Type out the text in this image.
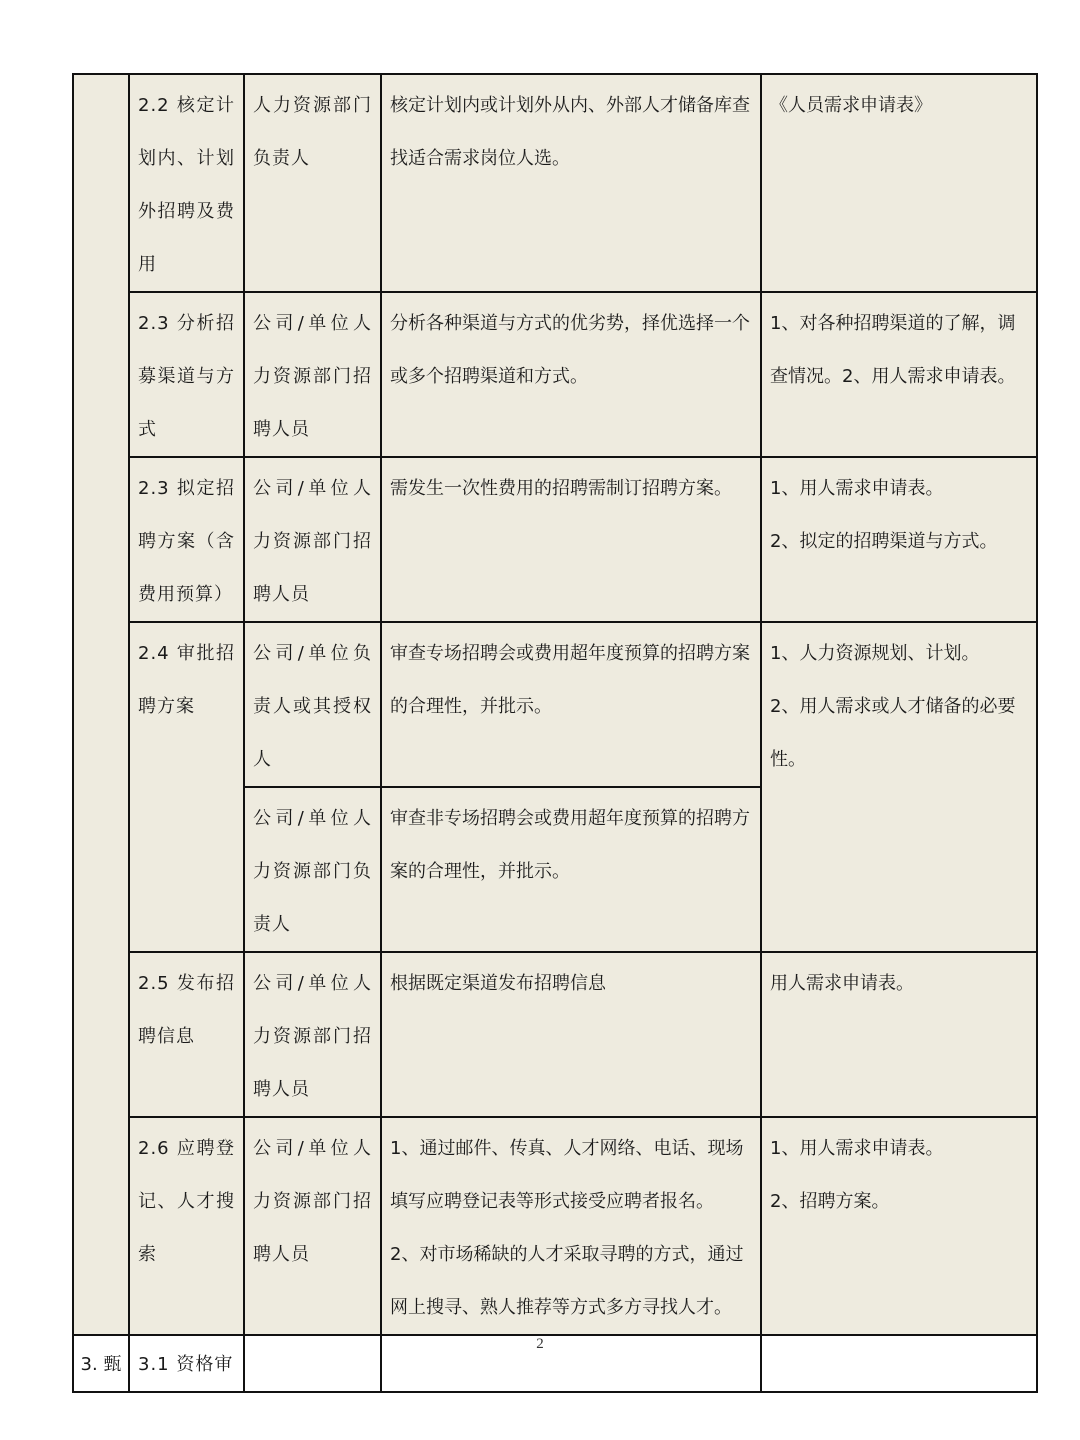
	2.2 核定计划内、计划外招聘及费用	人力资源部门负责人	核定计划内或计划外从内、外部人才储备库查找适合需求岗位人选。	《人员需求申请表》
	2.3 分析招募渠道与方式	公司/单位人力资源部门招聘人员	分析各种渠道与方式的优劣势，择优选择一个或多个招聘渠道和方式。	1、对各种招聘渠道的了解，调查情况。2、用人需求申请表。
	2.3 拟定招聘方案（含费用预算）	公司/单位人力资源部门招聘人员	需发生一次性费用的招聘需制订招聘方案。	1、用人需求申请表。
2、拟定的招聘渠道与方式。

	2.4 审批招聘方案	公司/单位负责人或其授权人	审查专场招聘会或费用超年度预算的招聘方案的合理性，并批示。	1、人力资源规划、计划。
2、用人需求或人才储备的必要性。

		公司/单位人力资源部门负责人	审查非专场招聘会或费用超年度预算的招聘方案的合理性，并批示。	
	2.5 发布招聘信息	公司/单位人力资源部门招聘人员	根据既定渠道发布招聘信息	用人需求申请表。
	2.6 应聘登记、人才搜索	公司/单位人力资源部门招聘人员	1、通过邮件、传真、人才网络、电话、现场填写应聘登记表等形式接受应聘者报名。
2、对市场稀缺的人才采取寻聘的方式，通过网上搜寻、熟人推荐等方式多方寻找人才。	1、用人需求申请表。
2、招聘方案。

3. 甄	3.1 资格审			
2
